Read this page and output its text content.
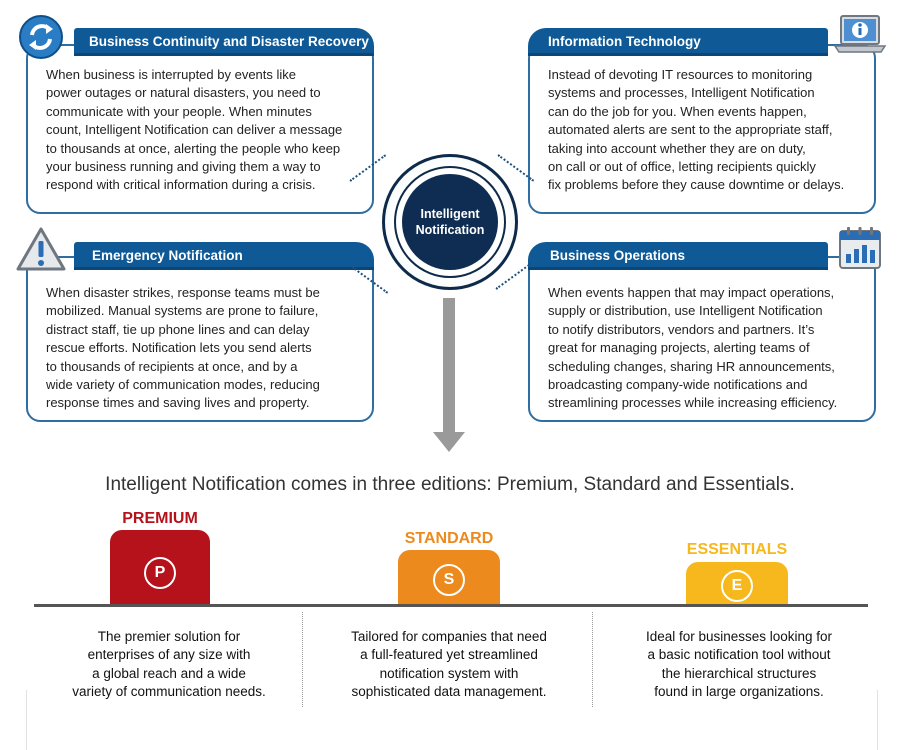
Business Continuity and Disaster Recovery
When business is interrupted by events like
power outages or natural disasters, you need to
communicate with your people. When minutes
count, Intelligent Notification can deliver a message
to thousands at once, alerting the people who keep
your business running and giving them a way to
respond with critical information during a crisis.
Information Technology
Instead of devoting IT resources to monitoring
systems and processes, Intelligent Notification
can do the job for you. When events happen,
automated alerts are sent to the appropriate staff,
taking into account whether they are on duty,
on call or out of office, letting recipients quickly
fix problems before they cause downtime or delays.
Emergency Notification
When disaster strikes, response teams must be
mobilized. Manual systems are prone to failure,
distract staff, tie up phone lines and can delay
rescue efforts. Notification lets you send alerts
to thousands of recipients at once, and by a
wide variety of communication modes, reducing
response times and saving lives and property.
Business Operations
When events happen that may impact operations,
supply or distribution, use Intelligent Notification
to notify distributors, vendors and partners. It’s
great for managing projects, alerting teams of
scheduling changes, sharing HR announcements,
broadcasting company-wide notifications and
streamlining processes while increasing efficiency.
Intelligent
Notification
Intelligent Notification comes in three editions: Premium, Standard and Essentials.
PREMIUM
P
STANDARD
S
ESSENTIALS
E
The premier solution for
enterprises of any size with
a global reach and a wide
variety of communication needs.
Tailored for companies that need
a full-featured yet streamlined
notification system with
sophisticated data management.
Ideal for businesses looking for
a basic notification tool without
the hierarchical structures
found in large organizations.
